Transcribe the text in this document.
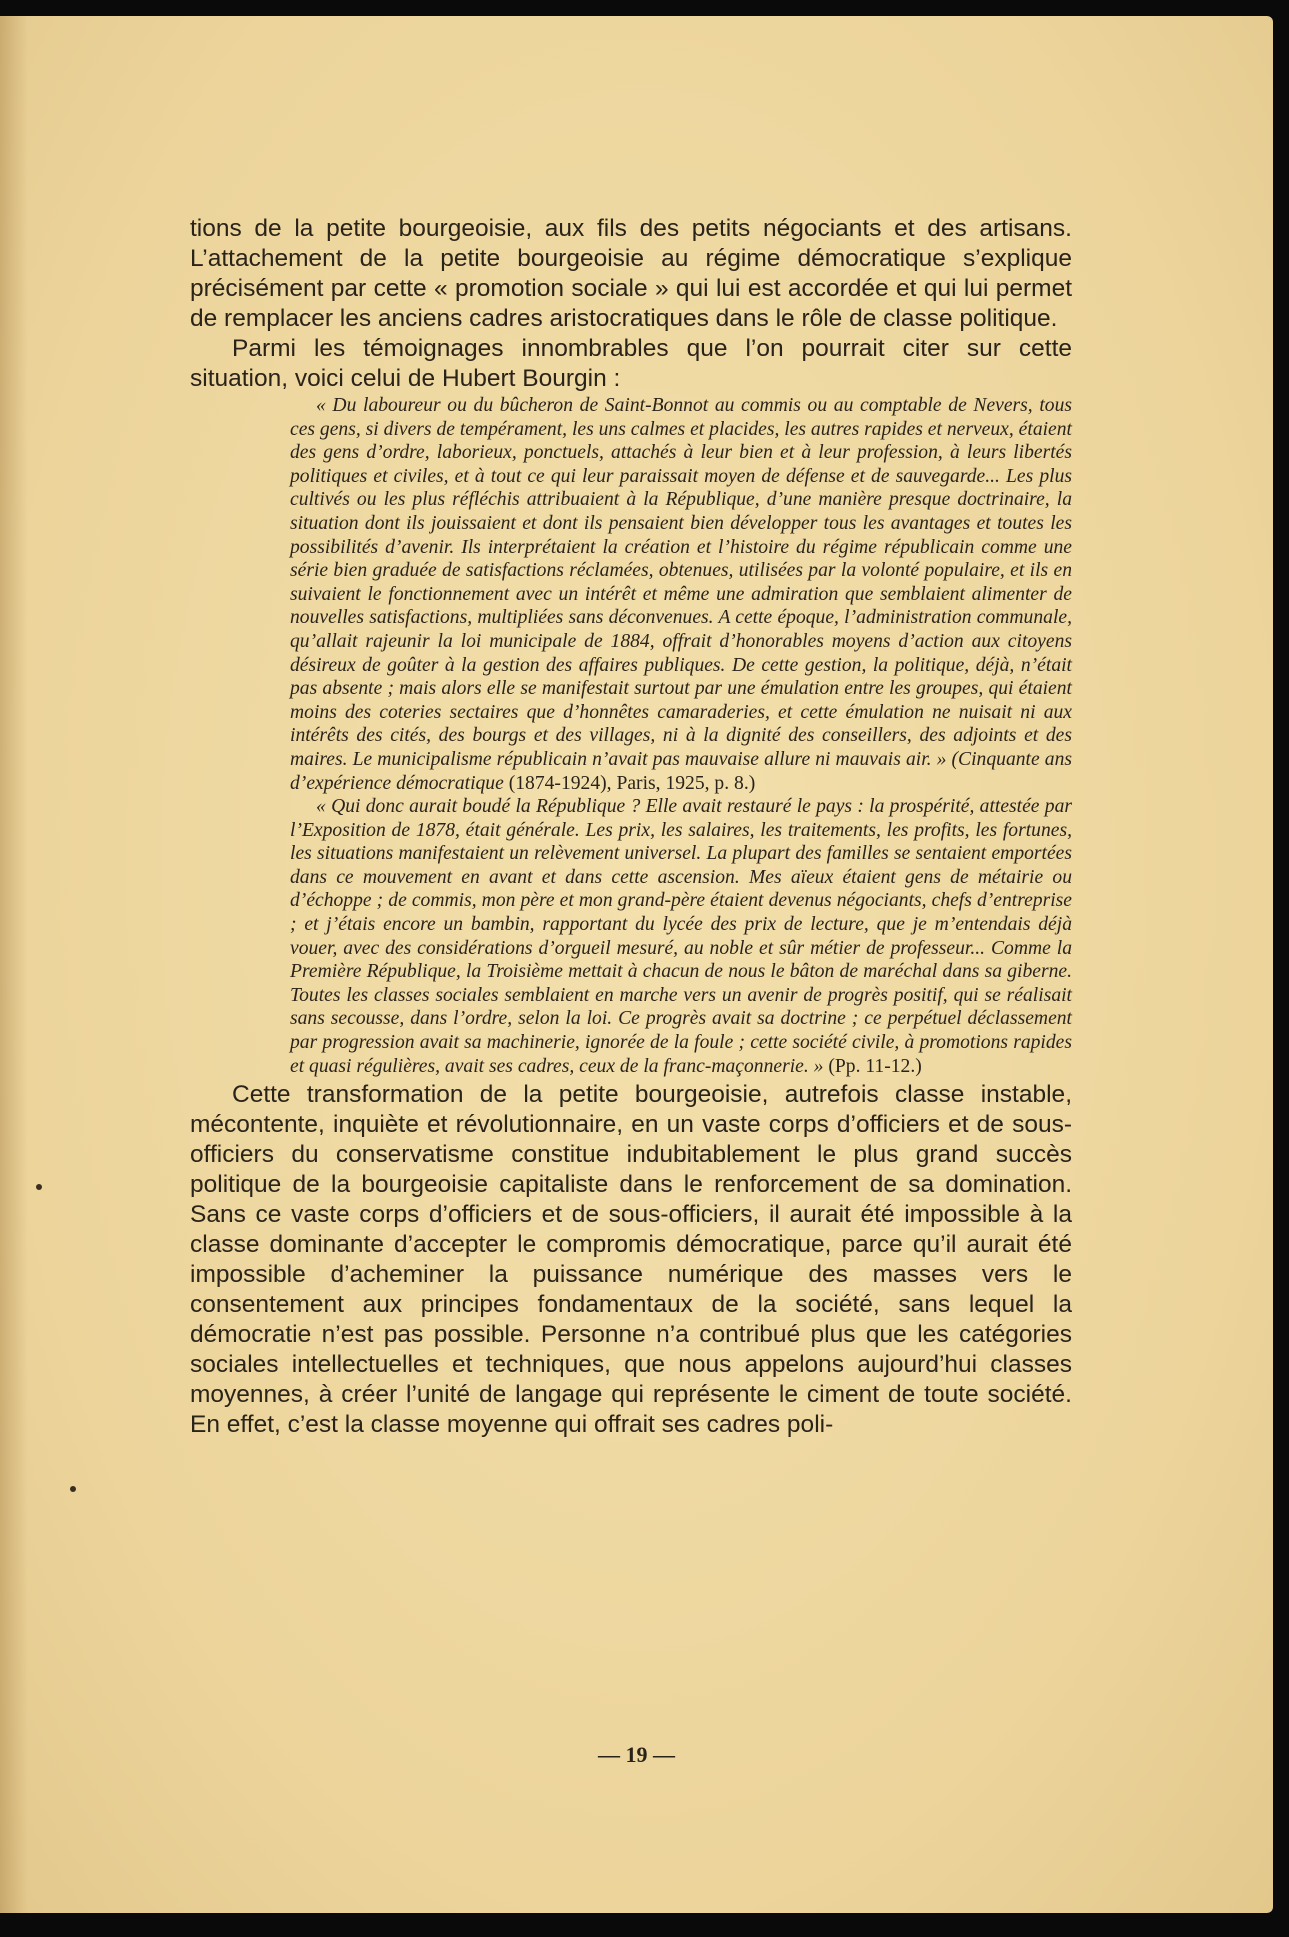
tions de la petite bourgeoisie, aux fils des petits négociants et des artisans. L’attachement de la petite bourgeoisie au régime démocratique s’explique précisément par cette « promotion sociale » qui lui est accordée et qui lui permet de remplacer les anciens cadres aristocratiques dans le rôle de classe politique.

Parmi les témoignages innombrables que l’on pourrait citer sur cette situation, voici celui de Hubert Bourgin :

« Du laboureur ou du bûcheron de Saint-Bonnot au commis ou au comptable de Nevers, tous ces gens, si divers de tempérament, les uns calmes et placides, les autres rapides et nerveux, étaient des gens d’ordre, laborieux, ponctuels, attachés à leur bien et à leur profession, à leurs libertés politiques et civiles, et à tout ce qui leur paraissait moyen de défense et de sauvegarde... Les plus cultivés ou les plus réfléchis attribuaient à la République, d’une manière presque doctrinaire, la situation dont ils jouissaient et dont ils pensaient bien développer tous les avantages et toutes les possibilités d’avenir. Ils interprétaient la création et l’histoire du régime républicain comme une série bien graduée de satisfactions réclamées, obtenues, utilisées par la volonté populaire, et ils en suivaient le fonctionnement avec un intérêt et même une admiration que semblaient alimenter de nouvelles satisfactions, multipliées sans déconvenues. A cette époque, l’administration communale, qu’allait rajeunir la loi municipale de 1884, offrait d’honorables moyens d’action aux citoyens désireux de goûter à la gestion des affaires publiques. De cette gestion, la politique, déjà, n’était pas absente ; mais alors elle se manifestait surtout par une émulation entre les groupes, qui étaient moins des coteries sectaires que d’honnêtes camaraderies, et cette émulation ne nuisait ni aux intérêts des cités, des bourgs et des villages, ni à la dignité des conseillers, des adjoints et des maires. Le municipalisme républicain n’avait pas mauvaise allure ni mauvais air. » (Cinquante ans d’expérience démocratique (1874-1924), Paris, 1925, p. 8.)

« Qui donc aurait boudé la République ? Elle avait restauré le pays : la prospérité, attestée par l’Exposition de 1878, était générale. Les prix, les salaires, les traitements, les profits, les fortunes, les situations manifestaient un relèvement universel. La plupart des familles se sentaient emportées dans ce mouvement en avant et dans cette ascension. Mes aïeux étaient gens de métairie ou d’échoppe ; de commis, mon père et mon grand-père étaient devenus négociants, chefs d’entreprise ; et j’étais encore un bambin, rapportant du lycée des prix de lecture, que je m’entendais déjà vouer, avec des considérations d’orgueil mesuré, au noble et sûr métier de professeur... Comme la Première République, la Troisième mettait à chacun de nous le bâton de maréchal dans sa giberne. Toutes les classes sociales semblaient en marche vers un avenir de progrès positif, qui se réalisait sans secousse, dans l’ordre, selon la loi. Ce progrès avait sa doctrine ; ce perpétuel déclassement par progression avait sa machinerie, ignorée de la foule ; cette société civile, à promotions rapides et quasi régulières, avait ses cadres, ceux de la franc-maçonnerie. » (Pp. 11-12.)

Cette transformation de la petite bourgeoisie, autrefois classe instable, mécontente, inquiète et révolutionnaire, en un vaste corps d’officiers et de sous-officiers du conservatisme constitue indubitablement le plus grand succès politique de la bourgeoisie capitaliste dans le renforcement de sa domination. Sans ce vaste corps d’officiers et de sous-officiers, il aurait été impossible à la classe dominante d’accepter le compromis démocratique, parce qu’il aurait été impossible d’acheminer la puissance numérique des masses vers le consentement aux principes fondamentaux de la société, sans lequel la démocratie n’est pas possible. Personne n’a contribué plus que les catégories sociales intellectuelles et techniques, que nous appelons aujourd’hui classes moyennes, à créer l’unité de langage qui représente le ciment de toute société. En effet, c’est la classe moyenne qui offrait ses cadres poli-

— 19 —
